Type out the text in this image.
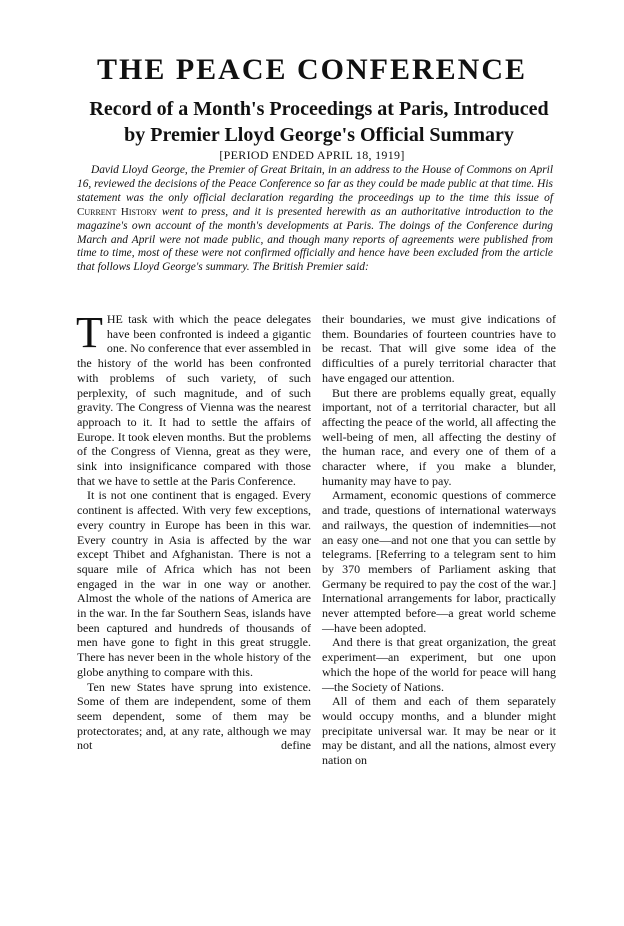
THE PEACE CONFERENCE
Record of a Month's Proceedings at Paris, Introduced by Premier Lloyd George's Official Summary
[PERIOD ENDED APRIL 18, 1919]

David Lloyd George, the Premier of Great Britain, in an address to the House of Commons on April 16, reviewed the decisions of the Peace Conference so far as they could be made public at that time. His statement was the only official declaration regarding the proceedings up to the time this issue of Current History went to press, and it is presented herewith as an authoritative introduction to the magazine's own account of the month's developments at Paris. The doings of the Conference during March and April were not made public, and though many reports of agreements were published from time to time, most of these were not confirmed officially and hence have been excluded from the article that follows Lloyd George's summary. The British Premier said:

THE task with which the peace delegates have been confronted is indeed a gigantic one. No conference that ever assembled in the history of the world has been confronted with problems of such variety, of such perplexity, of such magnitude, and of such gravity. The Congress of Vienna was the nearest approach to it. It had to settle the affairs of Europe. It took eleven months. But the problems of the Congress of Vienna, great as they were, sink into insignificance compared with those that we have to settle at the Paris Conference.

It is not one continent that is engaged. Every continent is affected. With very few exceptions, every country in Europe has been in this war. Every country in Asia is affected by the war except Thibet and Afghanistan. There is not a square mile of Africa which has not been engaged in the war in one way or another. Almost the whole of the nations of America are in the war. In the far Southern Seas, islands have been captured and hundreds of thousands of men have gone to fight in this great struggle. There has never been in the whole history of the globe anything to compare with this.

Ten new States have sprung into existence. Some of them are independent, some of them seem dependent, some of them may be protectorates; and, at any rate, although we may not define

their boundaries, we must give indications of them. Boundaries of fourteen countries have to be recast. That will give some idea of the difficulties of a purely territorial character that have engaged our attention.

But there are problems equally great, equally important, not of a territorial character, but all affecting the peace of the world, all affecting the well-being of men, all affecting the destiny of the human race, and every one of them of a character where, if you make a blunder, humanity may have to pay.

Armament, economic questions of commerce and trade, questions of international waterways and railways, the question of indemnities—not an easy one—and not one that you can settle by telegrams. [Referring to a telegram sent to him by 370 members of Parliament asking that Germany be required to pay the cost of the war.] International arrangements for labor, practically never attempted before—a great world scheme—have been adopted.

And there is that great organization, the great experiment—an experiment, but one upon which the hope of the world for peace will hang—the Society of Nations.

All of them and each of them separately would occupy months, and a blunder might precipitate universal war. It may be near or it may be distant, and all the nations, almost every nation on
